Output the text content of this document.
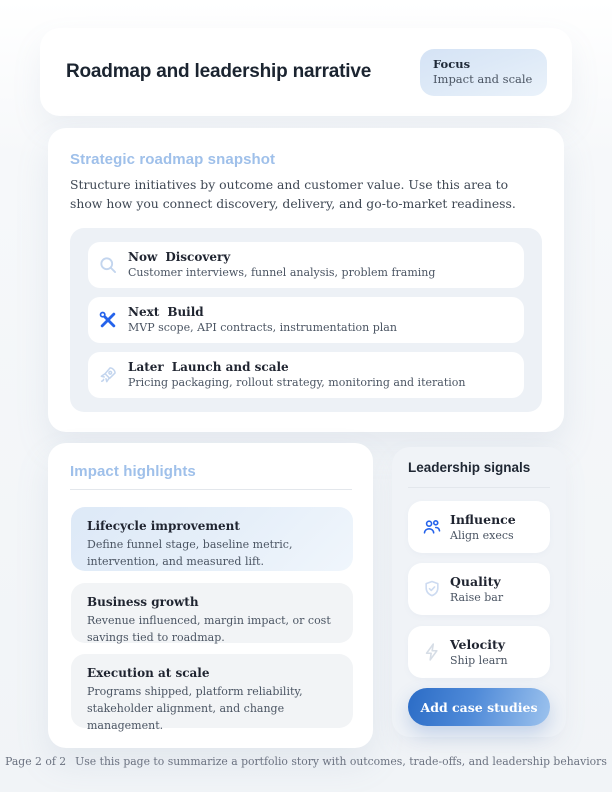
Roadmap and leadership narrative	Focus
Impact and scale
Strategic roadmap snapshot
Structure initiatives by outcome and customer value. Use this area to show how you connect discovery, delivery, and go-to-market readiness.
Now Discovery
Customer interviews, funnel analysis, problem framing
Next Build
MVP scope, API contracts, instrumentation plan
Later Launch and scale
Pricing packaging, rollout strategy, monitoring and iteration
Impact highlights
Lifecycle improvement
Define funnel stage, baseline metric, intervention, and measured lift.
Business growth
Revenue influenced, margin impact, or cost savings tied to roadmap.
Execution at scale
Programs shipped, platform reliability, stakeholder alignment, and change management.
Leadership signals
Influence
Align execs
Quality
Raise bar
Velocity
Ship learn
Add case studies
Page 2 of 2 Use this page to summarize a portfolio story with outcomes, trade-offs, and leadership behaviors
